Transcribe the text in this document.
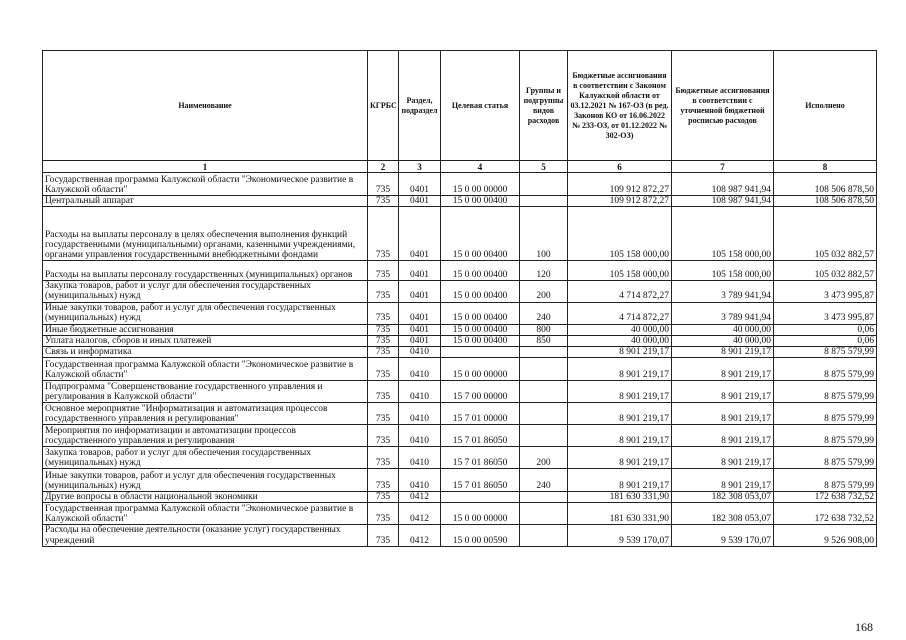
Наименование	КГРБС	Раздел, подраздел	Целевая статья	Группы и подгруппы видов расходов	Бюджетные ассигнования в соответствии с Законом Калужской области от 03.12.2021 № 167-ОЗ (в ред. Законов КО от 16.06.2022 № 233-ОЗ, от 01.12.2022 № 302-ОЗ)	Бюджетные ассигнования в соответствии с уточненной бюджетной росписью расходов	Исполнено
1	2	3	4	5	6	7	8
Государственная программа Калужской области "Экономическое развитие в Калужской области"	735	0401	15 0 00 00000		109 912 872,27	108 987 941,94	108 506 878,50
Центральный аппарат	735	0401	15 0 00 00400		109 912 872,27	108 987 941,94	108 506 878,50
Расходы на выплаты персоналу в целях обеспечения выполнения функций государственными (муниципальными) органами, казенными учреждениями, органами управления государственными внебюджетными фондами	735	0401	15 0 00 00400	100	105 158 000,00	105 158 000,00	105 032 882,57
Расходы на выплаты персоналу государственных (муниципальных) органов	735	0401	15 0 00 00400	120	105 158 000,00	105 158 000,00	105 032 882,57
Закупка товаров, работ и услуг для обеспечения государственных (муниципальных) нужд	735	0401	15 0 00 00400	200	4 714 872,27	3 789 941,94	3 473 995,87
Иные закупки товаров, работ и услуг для обеспечения государственных (муниципальных) нужд	735	0401	15 0 00 00400	240	4 714 872,27	3 789 941,94	3 473 995,87
Иные бюджетные ассигнования	735	0401	15 0 00 00400	800	40 000,00	40 000,00	0,06
Уплата налогов, сборов и иных платежей	735	0401	15 0 00 00400	850	40 000,00	40 000,00	0,06
Связь и информатика	735	0410			8 901 219,17	8 901 219,17	8 875 579,99
Государственная программа Калужской области "Экономическое развитие в Калужской области"	735	0410	15 0 00 00000		8 901 219,17	8 901 219,17	8 875 579,99
Подпрограмма "Совершенствование государственного управления и регулирования в Калужской области"	735	0410	15 7 00 00000		8 901 219,17	8 901 219,17	8 875 579,99
Основное мероприятие "Информатизация и автоматизация процессов государственного управления и регулирования"	735	0410	15 7 01 00000		8 901 219,17	8 901 219,17	8 875 579,99
Мероприятия по информатизации и автоматизации процессов государственного управления и регулирования	735	0410	15 7 01 86050		8 901 219,17	8 901 219,17	8 875 579,99
Закупка товаров, работ и услуг для обеспечения государственных (муниципальных) нужд	735	0410	15 7 01 86050	200	8 901 219,17	8 901 219,17	8 875 579,99
Иные закупки товаров, работ и услуг для обеспечения государственных (муниципальных) нужд	735	0410	15 7 01 86050	240	8 901 219,17	8 901 219,17	8 875 579,99
Другие вопросы в области национальной экономики	735	0412			181 630 331,90	182 308 053,07	172 638 732,52
Государственная программа Калужской области "Экономическое развитие в Калужской области"	735	0412	15 0 00 00000		181 630 331,90	182 308 053,07	172 638 732,52
Расходы на обеспечение деятельности (оказание услуг) государственных учреждений	735	0412	15 0 00 00590		9 539 170,07	9 539 170,07	9 526 908,00
168
